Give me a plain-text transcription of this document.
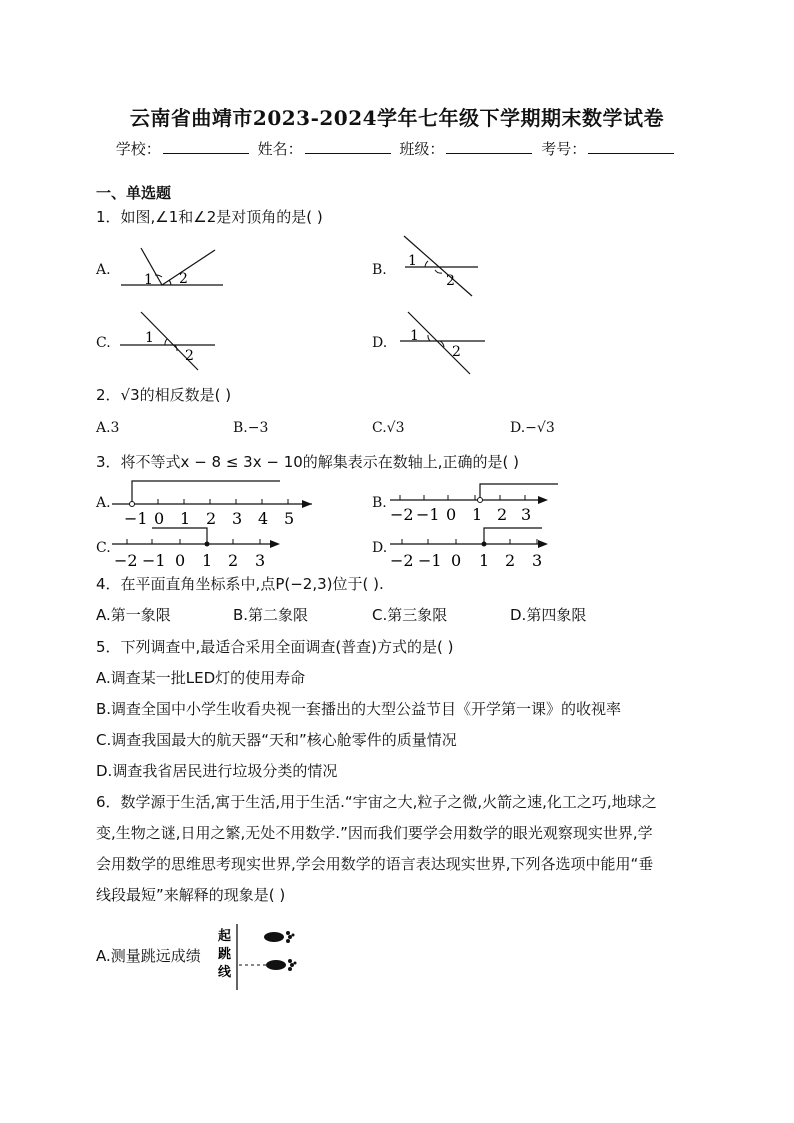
云南省曲靖市2023-2024学年七年级下学期期末数学试卷
学校：	姓名：	班级：	考号：
一、单选题
1．如图,∠1和∠2是对顶角的是( )
A.	B.
C.	D.
1 2
1
2
1
2
1
2
2．√3的相反数是( )
A.3	B.−3	C.√3	D.−√3
3．将不等式x − 8 ≤ 3x − 10的解集表示在数轴上,正确的是( )
A.	B.
C.	D.
−1 0 1 2 3 4 5	−2 −1 0 1 2 3
−2 −1 0 1 2 3	−2 −1 0 1 2 3
4．在平面直角坐标系中,点P(−2,3)位于( ).
A.第一象限	B.第二象限	C.第三象限	D.第四象限
5．下列调查中,最适合采用全面调查(普查)方式的是( )
A.调查某一批LED灯的使用寿命
B.调查全国中小学生收看央视一套播出的大型公益节目《开学第一课》的收视率
C.调查我国最大的航天器“天和”核心舱零件的质量情况
D.调查我省居民进行垃圾分类的情况
6．数学源于生活,寓于生活,用于生活.“宇宙之大,粒子之微,火箭之速,化工之巧,地球之
变,生物之谜,日用之繁,无处不用数学.”因而我们要学会用数学的眼光观察现实世界,学
会用数学的思维思考现实世界,学会用数学的语言表达现实世界,下列各选项中能用“垂
线段最短”来解释的现象是( )
A.测量跳远成绩
起
跳
线
